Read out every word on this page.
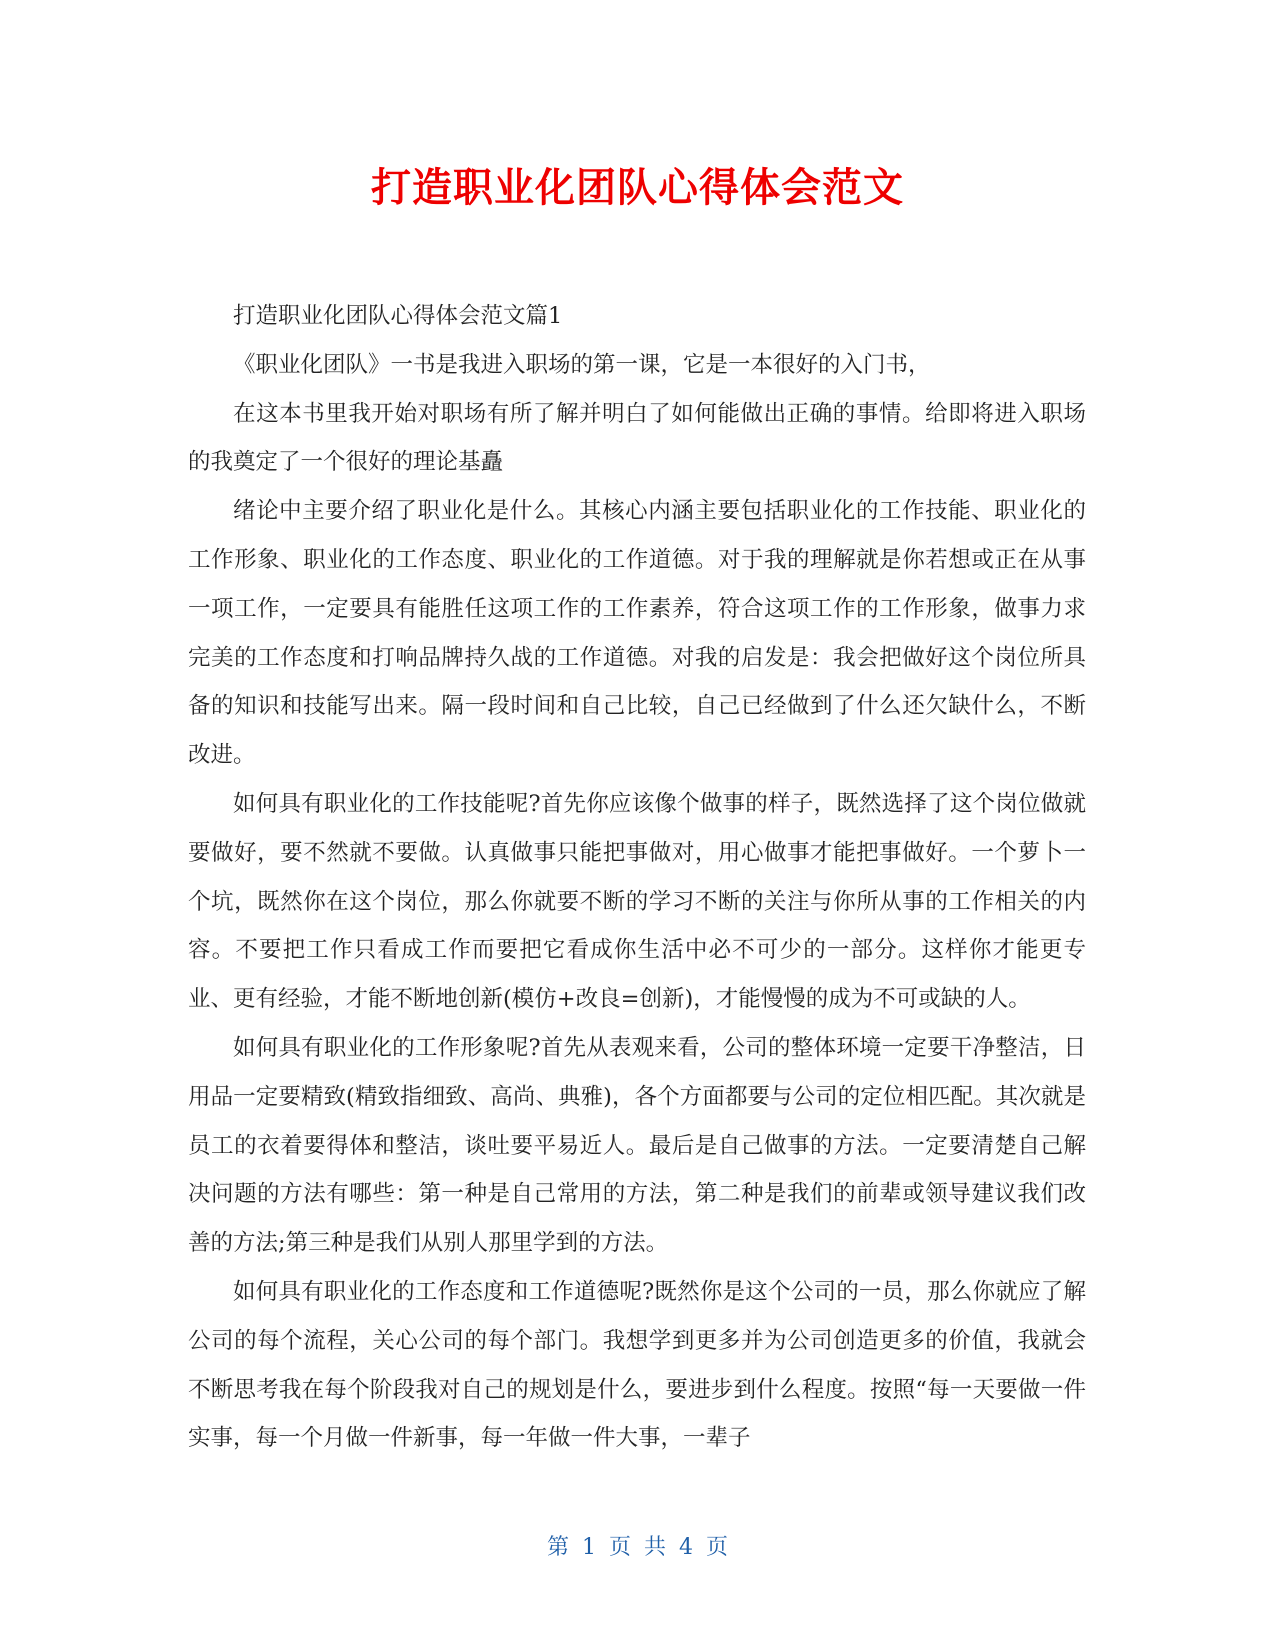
打造职业化团队心得体会范文

打造职业化团队心得体会范文篇1

《职业化团队》一书是我进入职场的第一课，它是一本很好的入门书，

在这本书里我开始对职场有所了解并明白了如何能做出正确的事情。给即将进入职场的我奠定了一个很好的理论基矗

绪论中主要介绍了职业化是什么。其核心内涵主要包括职业化的工作技能、职业化的工作形象、职业化的工作态度、职业化的工作道德。对于我的理解就是你若想或正在从事一项工作，一定要具有能胜任这项工作的工作素养，符合这项工作的工作形象，做事力求完美的工作态度和打响品牌持久战的工作道德。对我的启发是：我会把做好这个岗位所具备的知识和技能写出来。隔一段时间和自己比较，自己已经做到了什么还欠缺什么，不断改进。

如何具有职业化的工作技能呢?首先你应该像个做事的样子，既然选择了这个岗位做就要做好，要不然就不要做。认真做事只能把事做对，用心做事才能把事做好。一个萝卜一个坑，既然你在这个岗位，那么你就要不断的学习不断的关注与你所从事的工作相关的内容。不要把工作只看成工作而要把它看成你生活中必不可少的一部分。这样你才能更专业、更有经验，才能不断地创新(模仿+改良=创新)，才能慢慢的成为不可或缺的人。

如何具有职业化的工作形象呢?首先从表观来看，公司的整体环境一定要干净整洁，日用品一定要精致(精致指细致、高尚、典雅)，各个方面都要与公司的定位相匹配。其次就是员工的衣着要得体和整洁，谈吐要平易近人。最后是自己做事的方法。一定要清楚自己解决问题的方法有哪些：第一种是自己常用的方法，第二种是我们的前辈或领导建议我们改善的方法;第三种是我们从别人那里学到的方法。

如何具有职业化的工作态度和工作道德呢?既然你是这个公司的一员，那么你就应了解公司的每个流程，关心公司的每个部门。我想学到更多并为公司创造更多的价值，我就会不断思考我在每个阶段我对自己的规划是什么，要进步到什么程度。按照“每一天要做一件实事，每一个月做一件新事，每一年做一件大事，一辈子

第 1 页 共 4 页
